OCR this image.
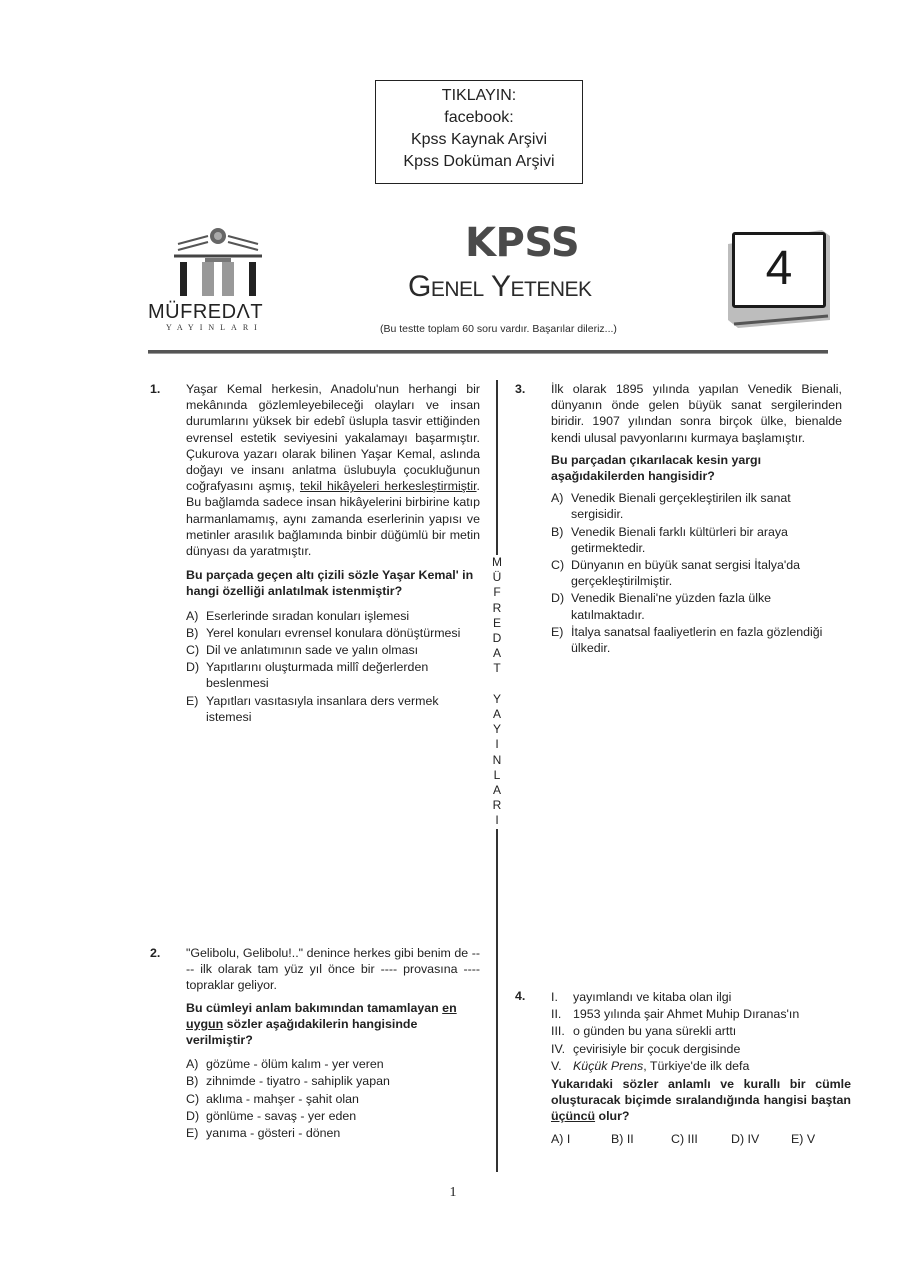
TIKLAYIN:
facebook:
Kpss Kaynak Arşivi
Kpss Doküman Arşivi
MÜFREDΛT
YAYINLARI
KPSS
Genel Yetenek
(Bu testte toplam 60 soru vardır. Başarılar dileriz...)
4
M
Ü
F
R
E
D
A
T

Y
A
Y
I
N
L
A
R
I
1.	Yaşar Kemal herkesin, Anadolu'nun herhangi bir mekânında gözlemleyebileceği olayları ve insan durumlarını yüksek bir edebî üslupla tasvir ettiğinden evrensel estetik seviyesini yakalamayı başarmıştır. Çukurova yazarı olarak bilinen Yaşar Kemal, aslında doğayı ve insanı anlatma üslubuyla çocukluğunun coğrafyasını aşmış, tekil hikâyeleri herkesleştirmiştir. Bu bağlamda sadece insan hikâyelerini birbirine katıp harmanlamamış, aynı zamanda eserlerinin yapısı ve metinler arasılık bağlamında binbir düğümlü bir metin dünyası da yaratmıştır.
Bu parçada geçen altı çizili sözle Yaşar Kemal' in hangi özelliği anlatılmak istenmiştir?
A) Eserlerinde sıradan konuları işlemesi
B) Yerel konuları evrensel konulara dönüştürmesi
C) Dil ve anlatımının sade ve yalın olması
D) Yapıtlarını oluşturmada millî değerlerden beslenmesi
E) Yapıtları vasıtasıyla insanlara ders vermek istemesi
2.	"Gelibolu, Gelibolu!.." denince herkes gibi benim de ---- ilk olarak tam yüz yıl önce bir ---- provasına ---- topraklar geliyor.
Bu cümleyi anlam bakımından tamamlayan en uygun sözler aşağıdakilerin hangisinde verilmiştir?
A) gözüme - ölüm kalım - yer veren
B) zihnimde - tiyatro - sahiplik yapan
C) aklıma - mahşer - şahit olan
D) gönlüme - savaş - yer eden
E) yanıma - gösteri - dönen
3.	İlk olarak 1895 yılında yapılan Venedik Bienali, dünyanın önde gelen büyük sanat sergilerinden biridir. 1907 yılından sonra birçok ülke, bienalde kendi ulusal pavyonlarını kurmaya başlamıştır.
Bu parçadan çıkarılacak kesin yargı aşağıdakilerden hangisidir?
A) Venedik Bienali gerçekleştirilen ilk sanat sergisidir.
B) Venedik Bienali farklı kültürleri bir araya getirmektedir.
C) Dünyanın en büyük sanat sergisi İtalya'da gerçekleştirilmiştir.
D) Venedik Bienali'ne yüzden fazla ülke katılmaktadır.
E) İtalya sanatsal faaliyetlerin en fazla gözlendiği ülkedir.
4.	I.	yayımlandı ve kitaba olan ilgi
II. 1953 yılında şair Ahmet Muhip Dıranas'ın
III. o günden bu yana sürekli arttı
IV. çevirisiyle bir çocuk dergisinde
V. Küçük Prens, Türkiye'de ilk defa
Yukarıdaki sözler anlamlı ve kurallı bir cümle oluşturacak biçimde sıralandığında hangisi baştan üçüncü olur?
A) I	B) II	C) III	D) IV	E) V
1
